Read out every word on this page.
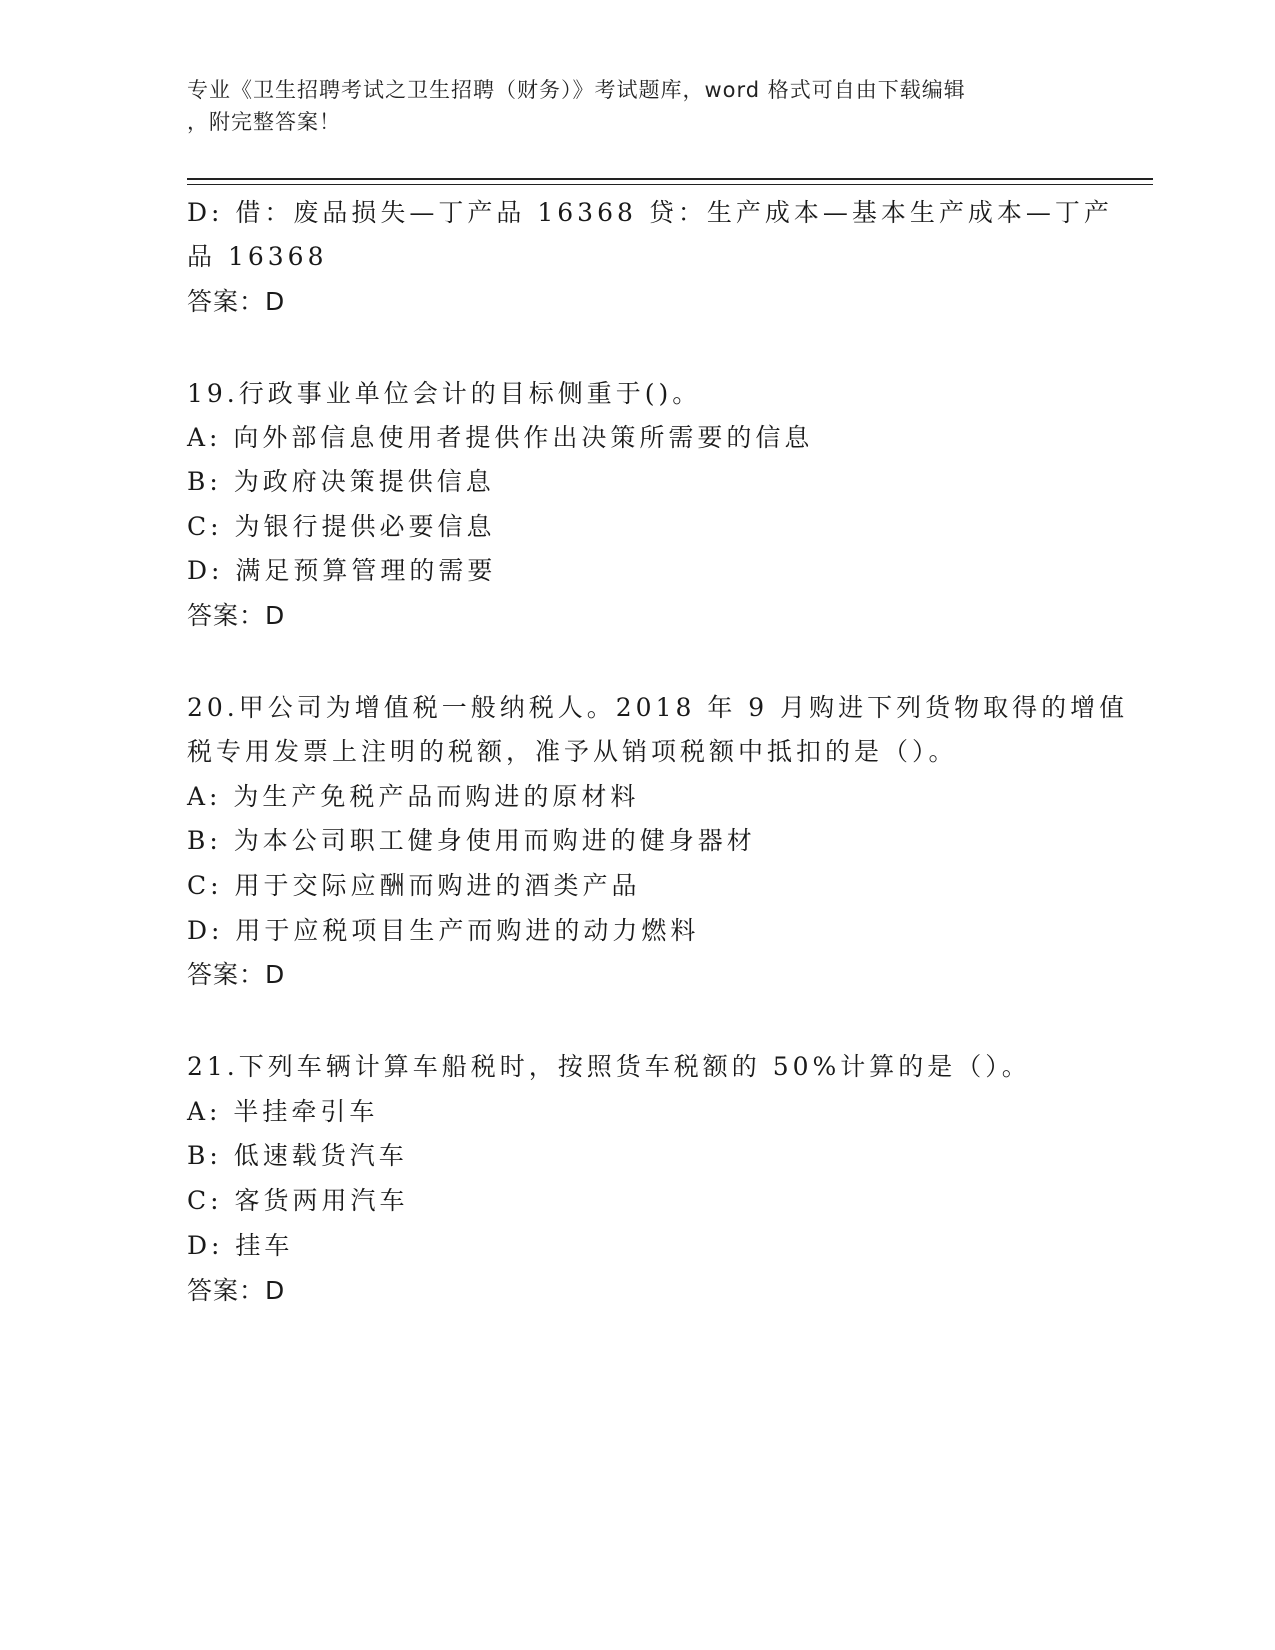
专业《卫生招聘考试之卫生招聘（财务）》考试题库，word 格式可自由下载编辑
，附完整答案！
D: 借：废品损失—丁产品 16368 贷：生产成本—基本生产成本—丁产
品 16368
答案：D
19.行政事业单位会计的目标侧重于()。
A: 向外部信息使用者提供作出决策所需要的信息
B: 为政府决策提供信息
C: 为银行提供必要信息
D: 满足预算管理的需要
答案：D
20.甲公司为增值税一般纳税人。2018 年 9 月购进下列货物取得的增值
税专用发票上注明的税额，准予从销项税额中抵扣的是（）。
A: 为生产免税产品而购进的原材料
B: 为本公司职工健身使用而购进的健身器材
C: 用于交际应酬而购进的酒类产品
D: 用于应税项目生产而购进的动力燃料
答案：D
21.下列车辆计算车船税时，按照货车税额的 50%计算的是（）。
A: 半挂牵引车
B: 低速载货汽车
C: 客货两用汽车
D: 挂车
答案：D
